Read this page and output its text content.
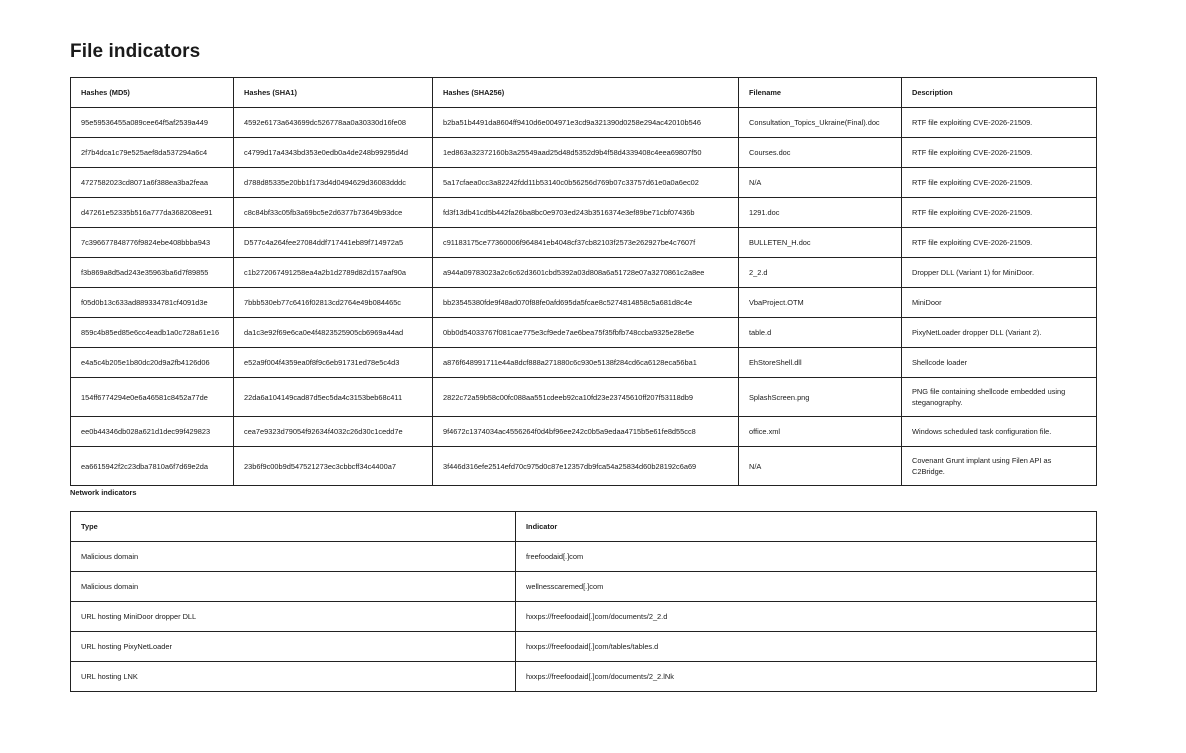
File indicators
Hashes (MD5)	Hashes (SHA1)	Hashes (SHA256)	Filename	Description
95e59536455a089cee64f5af2539a449	4592e6173a643699dc526778aa0a30330d16fe08	b2ba51b4491da8604ff9410d6e004971e3cd9a321390d0258e294ac42010b546	Consultation_Topics_Ukraine(Final).doc	RTF file exploiting CVE-2026-21509.
2f7b4dca1c79e525aef8da537294a6c4	c4799d17a4343bd353e0edb0a4de248b99295d4d	1ed863a32372160b3a25549aad25d48d5352d9b4f58d4339408c4eea69807f50	Courses.doc	RTF file exploiting CVE-2026-21509.
4727582023cd8071a6f388ea3ba2feaa	d788d85335e20bb1f173d4d0494629d36083dddc	5a17cfaea0cc3a82242fdd11b53140c0b56256d769b07c33757d61e0a0a6ec02	N/A	RTF file exploiting CVE-2026-21509.
d47261e52335b516a777da368208ee91	c8c84bf33c05fb3a69bc5e2d6377b73649b93dce	fd3f13db41cd5b442fa26ba8bc0e9703ed243b3516374e3ef89be71cbf07436b	1291.doc	RTF file exploiting CVE-2026-21509.
7c396677848776f9824ebe408bbba943	D577c4a264fee27084ddf717441eb89f714972a5	c91183175ce77360006f964841eb4048cf37cb82103f2573e262927be4c7607f	BULLETEN_H.doc	RTF file exploiting CVE-2026-21509.
f3b869a8d5ad243e35963ba6d7f89855	c1b272067491258ea4a2b1d2789d82d157aaf90a	a944a09783023a2c6c62d3601cbd5392a03d808a6a51728e07a3270861c2a8ee	2_2.d	Dropper DLL (Variant 1) for MiniDoor.
f05d0b13c633ad889334781cf4091d3e	7bbb530eb77c6416f02813cd2764e49b084465c	bb23545380fde9f48ad070f88fe0afd695da5fcae8c5274814858c5a681d8c4e	VbaProject.OTM	MiniDoor
859c4b85ed85e6cc4eadb1a0c728a61e16	da1c3e92f69e6ca0e4f4823525905cb6969a44ad	0bb0d54033767f081cae775e3cf9ede7ae6bea75f35fbfb748ccba9325e28e5e	table.d	PixyNetLoader dropper DLL (Variant 2).
e4a5c4b205e1b80dc20d9a2fb4126d06	e52a9f004f4359ea0f8f9c6eb91731ed78e5c4d3	a876f648991711e44a8dcf888a271880c6c930e5138f284cd6ca6128eca56ba1	EhStoreShell.dll	Shellcode loader
154ff6774294e0e6a46581c8452a77de	22da6a104149cad87d5ec5da4c3153beb68c411	2822c72a59b58c00fc088aa551cdeeb92ca10fd23e23745610ff207f53118db9	SplashScreen.png	PNG file containing shellcode embedded using steganography.
ee0b44346db028a621d1dec99f429823	cea7e9323d79054f92634f4032c26d30c1cedd7e	9f4672c1374034ac4556264f0d4bf96ee242c0b5a9edaa4715b5e61fe8d55cc8	office.xml	Windows scheduled task configuration file.
ea6615942f2c23dba7810a6f7d69e2da	23b6f9c00b9d547521273ec3cbbcff34c4400a7	3f446d316efe2514efd70c975d0c87e12357db9fca54a25834d60b28192c6a69	N/A	Covenant Grunt implant using Filen API as C2Bridge.
Network indicators
Type	Indicator
Malicious domain	freefoodaid[.]com
Malicious domain	wellnesscaremed[.]com
URL hosting MiniDoor dropper DLL	hxxps://freefoodaid[.]com/documents/2_2.d
URL hosting PixyNetLoader	hxxps://freefoodaid[.]com/tables/tables.d
URL hosting LNK	hxxps://freefoodaid[.]com/documents/2_2.lNk
